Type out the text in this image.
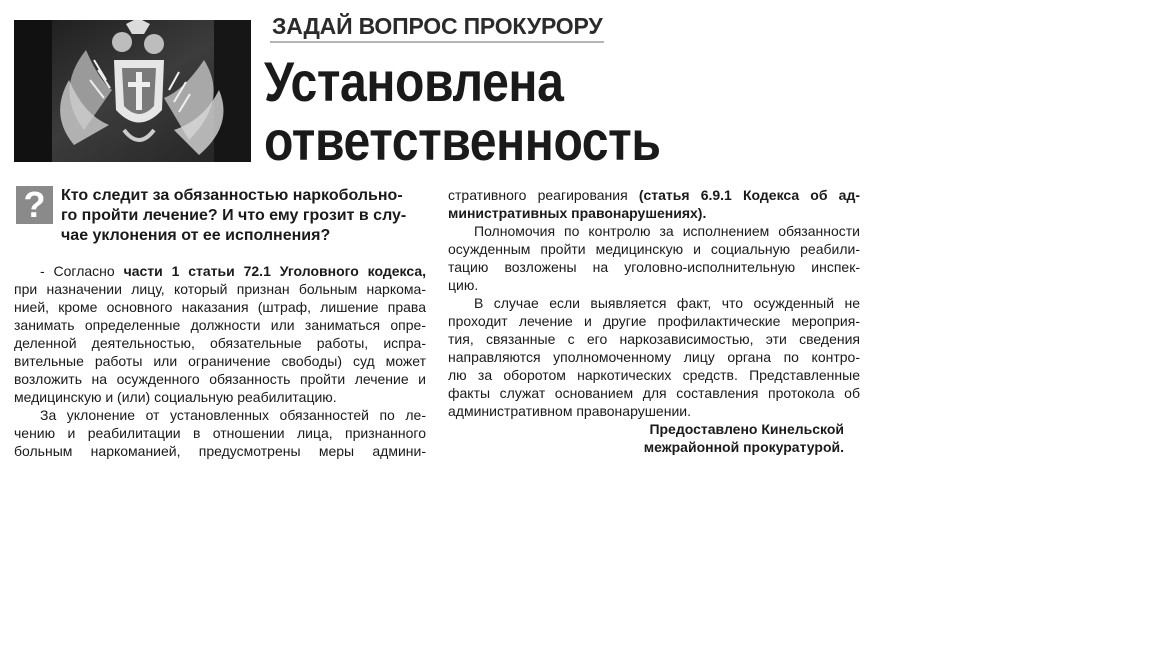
ЗАДАЙ ВОПРОС ПРОКУРОРУ
Установлена
ответственность
? Кто следит за обязанностью наркобольно-
го пройти лечение? И что ему грозит в слу-
чае уклонения от ее исполнения?
- Согласно части 1 статьи 72.1 Уголовного кодекса,
при назначении лицу, который признан больным наркома-
нией, кроме основного наказания (штраф, лишение права
занимать определенные должности или заниматься опре-
деленной деятельностью, обязательные работы, испра-
вительные работы или ограничение свободы) суд может
возложить на осужденного обязанность пройти лечение и
медицинскую и (или) социальную реабилитацию.
За уклонение от установленных обязанностей по ле-
чению и реабилитации в отношении лица, признанного
больным наркоманией, предусмотрены меры админи-
стративного реагирования (статья 6.9.1 Кодекса об ад-
министративных правонарушениях).
Полномочия по контролю за исполнением обязанности
осужденным пройти медицинскую и социальную реабили-
тацию возложены на уголовно-исполнительную инспек-
цию.
В случае если выявляется факт, что осужденный не
проходит лечение и другие профилактические мероприя-
тия, связанные с его наркозависимостью, эти сведения
направляются уполномоченному лицу органа по контро-
лю за оборотом наркотических средств. Представленные
факты служат основанием для составления протокола об
административном правонарушении.
Предоставлено Кинельской
межрайонной прокуратурой.
